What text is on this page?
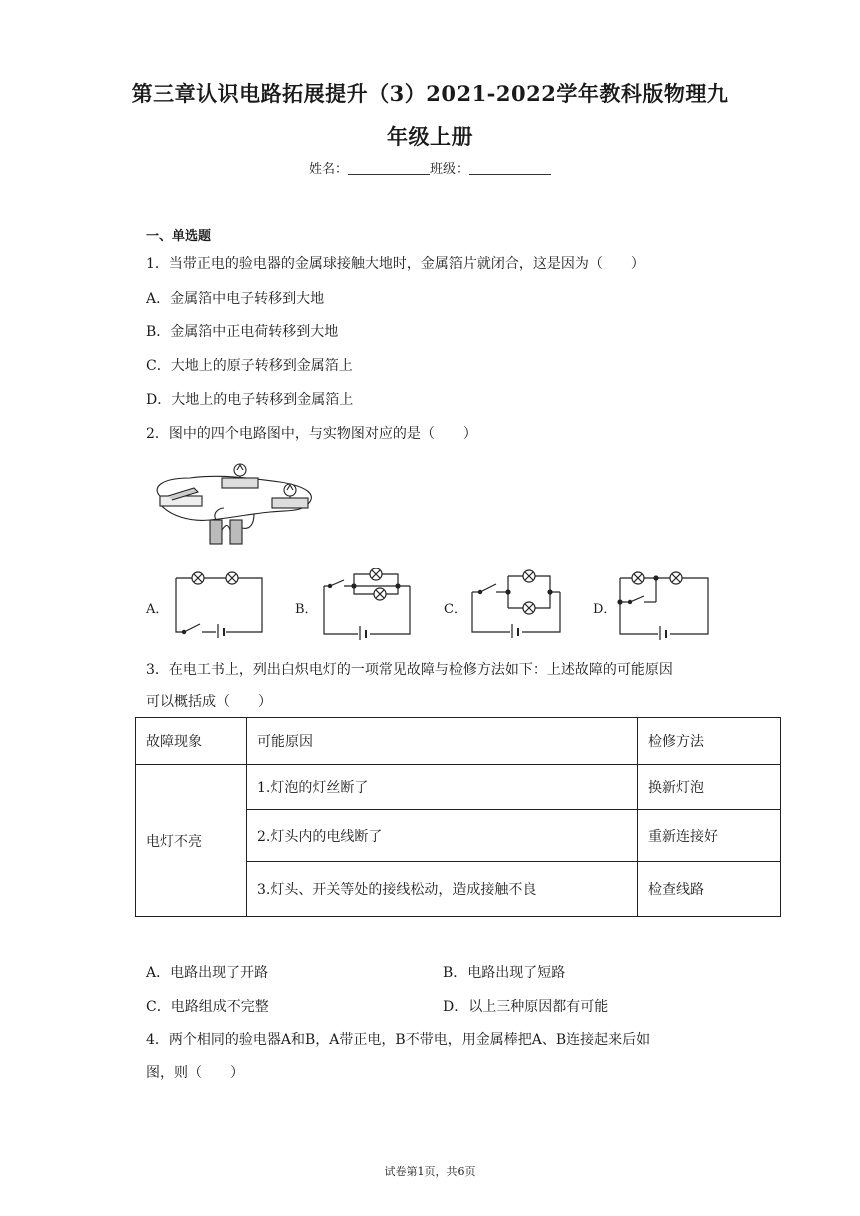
第三章认识电路拓展提升（3）2021-2022学年教科版物理九
年级上册
姓名：	班级：
一、单选题
1．当带正电的验电器的金属球接触大地时，金属箔片就闭合，这是因为（　　）
A．金属箔中电子转移到大地
B．金属箔中正电荷转移到大地
C．大地上的原子转移到金属箔上
D．大地上的电子转移到金属箔上
2．图中的四个电路图中，与实物图对应的是（　　）
A．	B．	C．	D．
3．在电工书上，列出白炽电灯的一项常见故障与检修方法如下：上述故障的可能原因
可以概括成（　　）
故障现象	可能原因	检修方法
电灯不亮	1.灯泡的灯丝断了	换新灯泡
	2.灯头内的电线断了	重新连接好
	3.灯头、开关等处的接线松动，造成接触不良	检查线路
A．电路出现了开路	B．电路出现了短路
C．电路组成不完整	D．以上三种原因都有可能
4．两个相同的验电器A和B，A带正电，B不带电，用金属棒把A、B连接起来后如
图，则（　　）
试卷第1页，共6页
